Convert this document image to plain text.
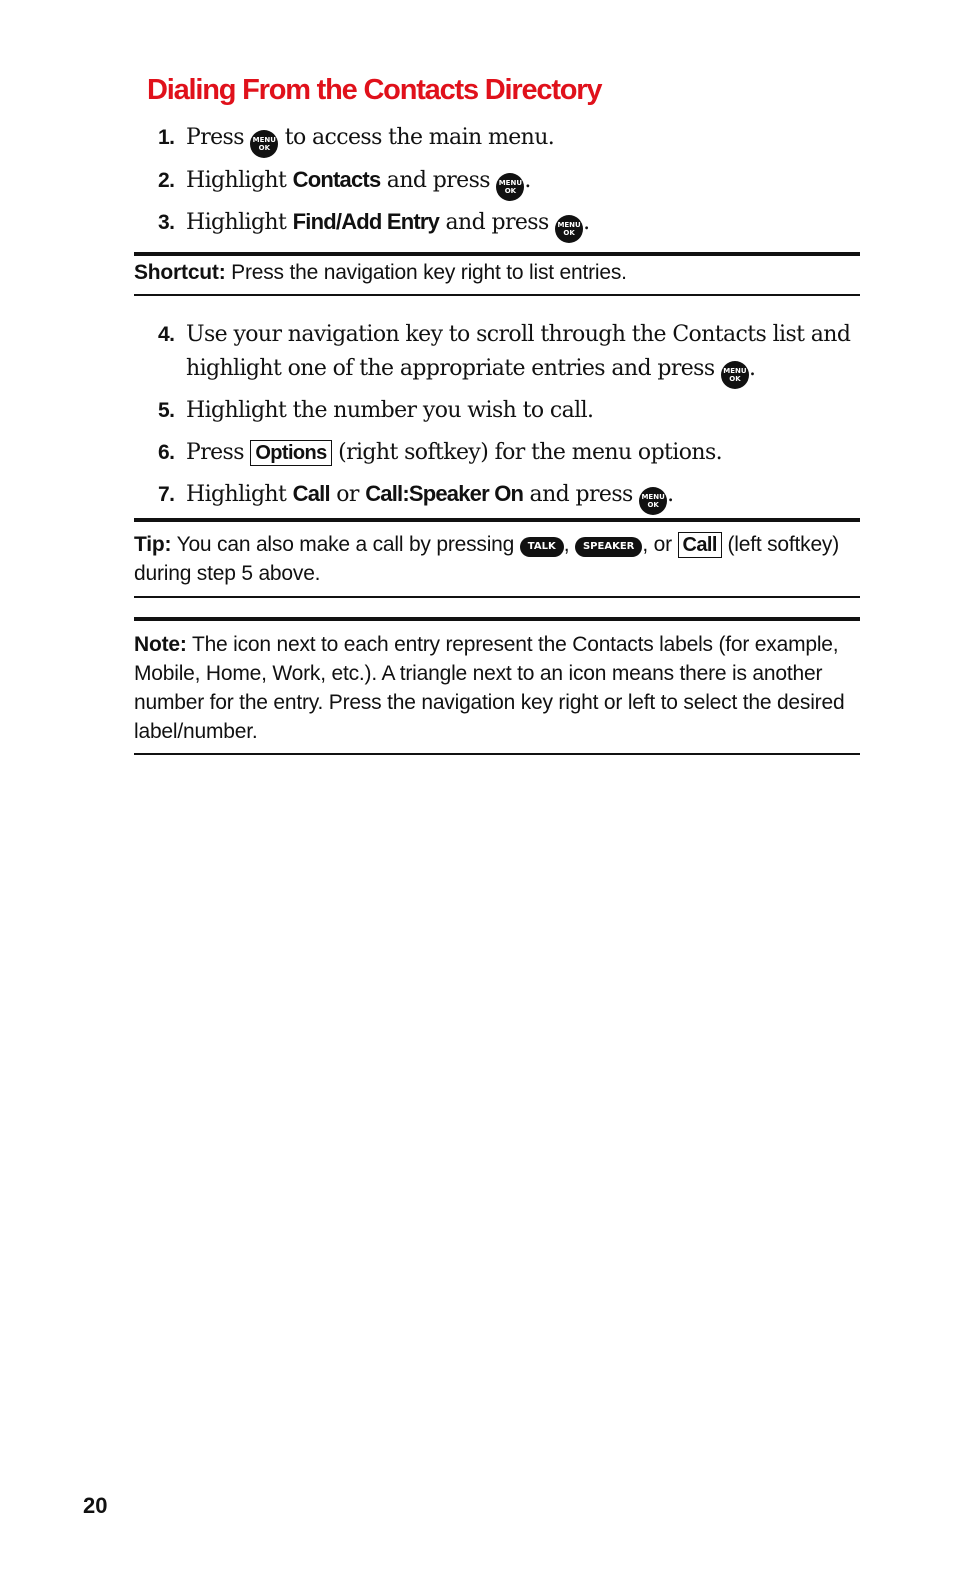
Dialing From the Contacts Directory
1. Press MENU
OK to access the main menu.
2. Highlight Contacts and press MENU
OK .
3. Highlight Find/Add Entry and press MENU
OK .
Shortcut: Press the navigation key right to list entries.
4. Use your navigation key to scroll through the Contacts list and
highlight one of the appropriate entries and press MENU
OK .
5. Highlight the number you wish to call.
6. Press Options (right softkey) for the menu options.
7. Highlight Call or Call:Speaker On and press MENU
OK .
Tip: You can also make a call by pressing TALK , SPEAKER , or Call (left softkey) during step 5 above.
Note: The icon next to each entry represent the Contacts labels (for example, Mobile, Home, Work, etc.). A triangle next to an icon means there is another number for the entry. Press the navigation key right or left to select the desired label/number.
20
